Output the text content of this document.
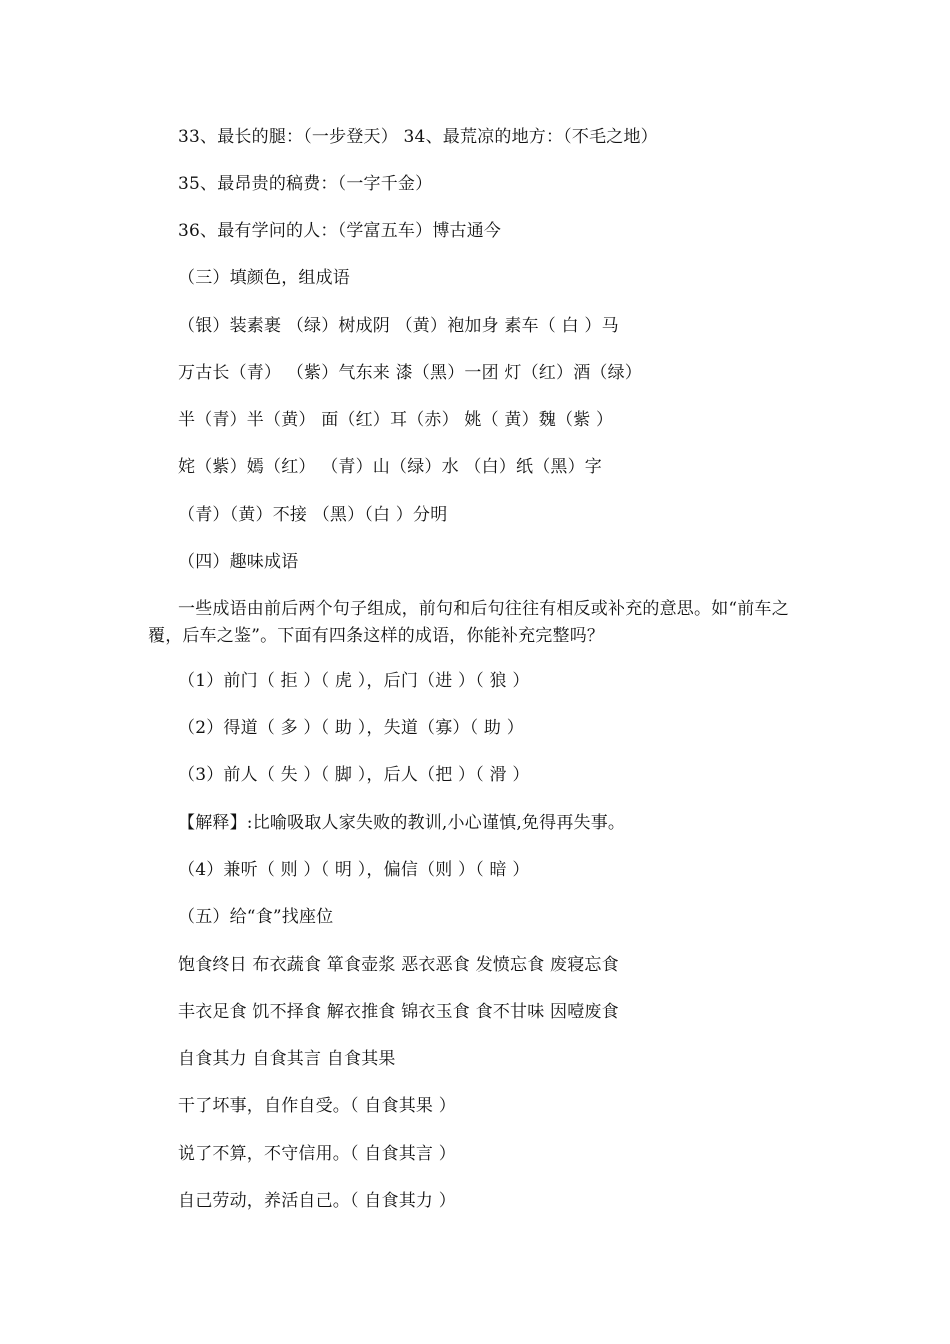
33、最长的腿：（一步登天） 34、最荒凉的地方：（不毛之地）
35、最昂贵的稿费：（一字千金）
36、最有学问的人：（学富五车）博古通今
（三）填颜色，组成语
（银）装素裹 （绿）树成阴 （黄）袍加身 素车（ 白 ）马
万古长（青） （紫）气东来 漆（黑）一团 灯（红）酒（绿）
半（青）半（黄） 面（红）耳（赤） 姚（ 黄）魏（紫 ）
姹（紫）嫣（红） （青）山（绿）水 （白）纸（黑）字
（青）（黄）不接 （黑）（白 ）分明
（四）趣味成语
一些成语由前后两个句子组成，前句和后句往往有相反或补充的意思。如“前车之覆，后车之鉴”。下面有四条这样的成语，你能补充完整吗？
（1）前门（ 拒 ）（ 虎 ），后门（进 ）（ 狼 ）
（2）得道（ 多 ）（ 助 ），失道（寡）（ 助 ）
（3）前人（ 失 ）（ 脚 ），后人（把 ）（ 滑 ）
【解释】:比喻吸取人家失败的教训,小心谨慎,免得再失事。
（4）兼听（ 则 ）（ 明 ），偏信（则 ）（ 暗 ）
（五）给“食”找座位
饱食终日 布衣蔬食 箪食壶浆 恶衣恶食 发愤忘食 废寝忘食
丰衣足食 饥不择食 解衣推食 锦衣玉食 食不甘味 因噎废食
自食其力 自食其言 自食其果
干了坏事，自作自受。（ 自食其果 ）
说了不算，不守信用。（ 自食其言 ）
自己劳动，养活自己。（ 自食其力 ）
